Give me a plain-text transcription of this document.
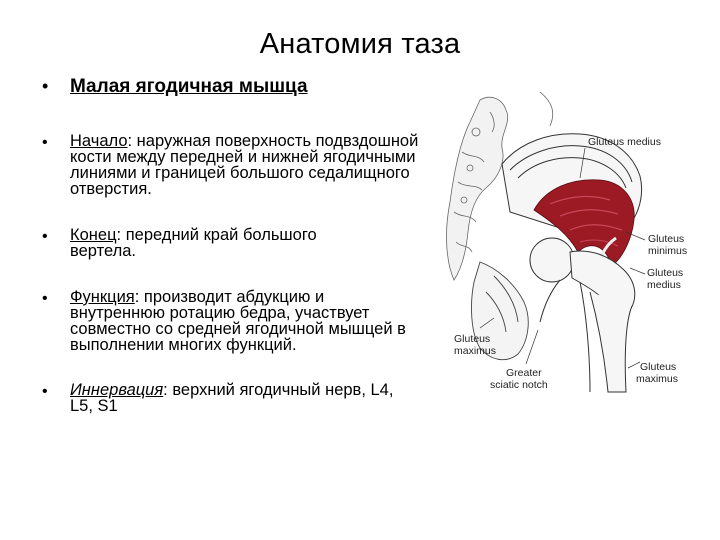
Анатомия таза
•	Малая ягодичная мышца
•	Начало: наружная поверхность подвздошной кости между передней и нижней ягодичными линиями и границей большого седалищного отверстия.
•	Конец: передний край большого вертела.
•	Функция: производит абдукцию и внутреннюю ротацию бедра, участвует совместно со средней ягодичной мышцей в выполнении многих функций.
•	Иннервация: верхний ягодичный нерв, L4, L5, S1
Gluteus medius
Gluteus
minimus
Gluteus
medius
Gluteus
maximus
Greater
sciatic notch
Gluteus
maximus
